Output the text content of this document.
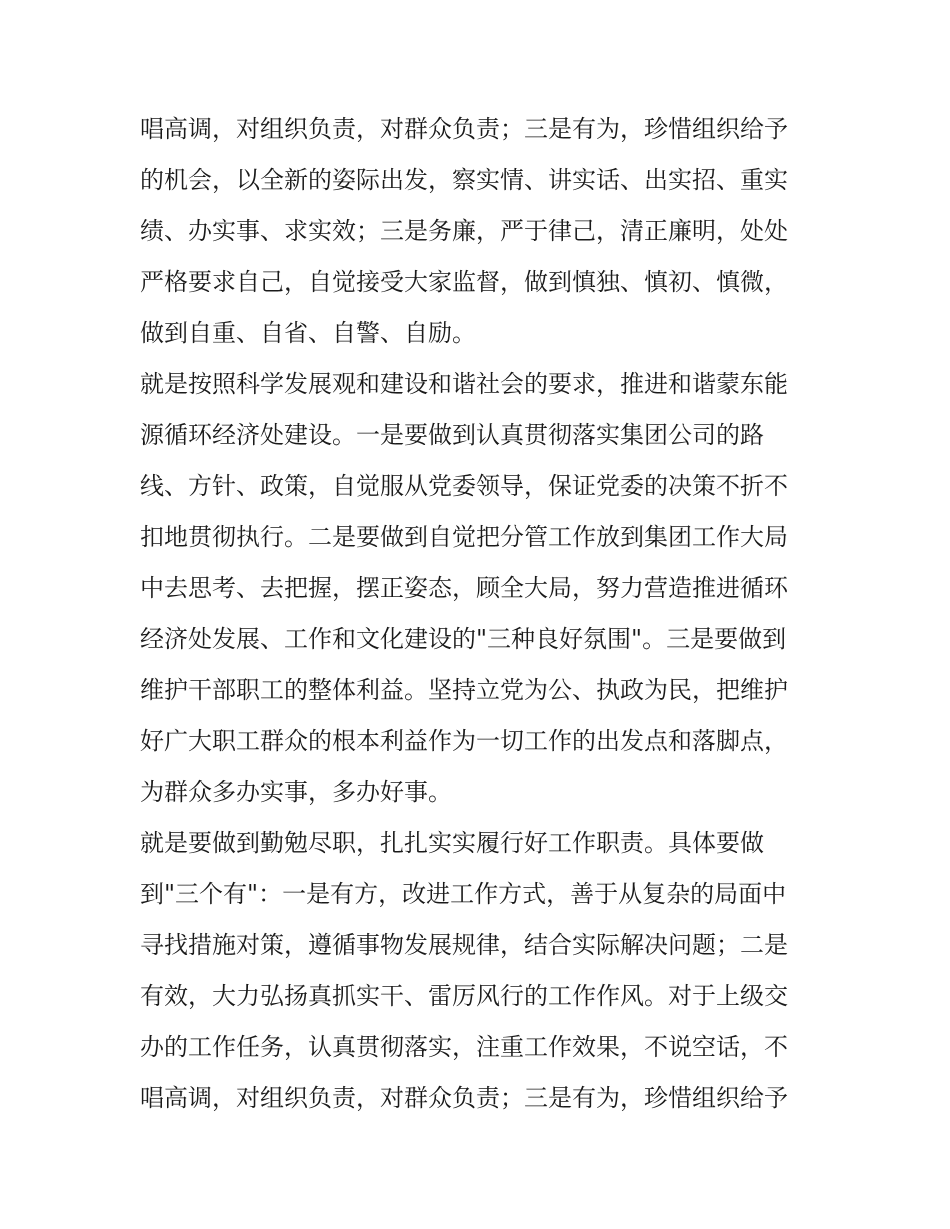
唱高调，对组织负责，对群众负责；三是有为，珍惜组织给予
的机会，以全新的姿际出发，察实情、讲实话、出实招、重实
绩、办实事、求实效；三是务廉，严于律己，清正廉明，处处
严格要求自己，自觉接受大家监督，做到慎独、慎初、慎微，
做到自重、自省、自警、自励。
就是按照科学发展观和建设和谐社会的要求，推进和谐蒙东能
源循环经济处建设。一是要做到认真贯彻落实集团公司的路
线、方针、政策，自觉服从党委领导，保证党委的决策不折不
扣地贯彻执行。二是要做到自觉把分管工作放到集团工作大局
中去思考、去把握，摆正姿态，顾全大局，努力营造推进循环
经济处发展、工作和文化建设的"三种良好氛围"。三是要做到
维护干部职工的整体利益。坚持立党为公、执政为民，把维护
好广大职工群众的根本利益作为一切工作的出发点和落脚点，
为群众多办实事，多办好事。
就是要做到勤勉尽职，扎扎实实履行好工作职责。具体要做
到"三个有"：一是有方，改进工作方式，善于从复杂的局面中
寻找措施对策，遵循事物发展规律，结合实际解决问题；二是
有效，大力弘扬真抓实干、雷厉风行的工作作风。对于上级交
办的工作任务，认真贯彻落实，注重工作效果，不说空话，不
唱高调，对组织负责，对群众负责；三是有为，珍惜组织给予
